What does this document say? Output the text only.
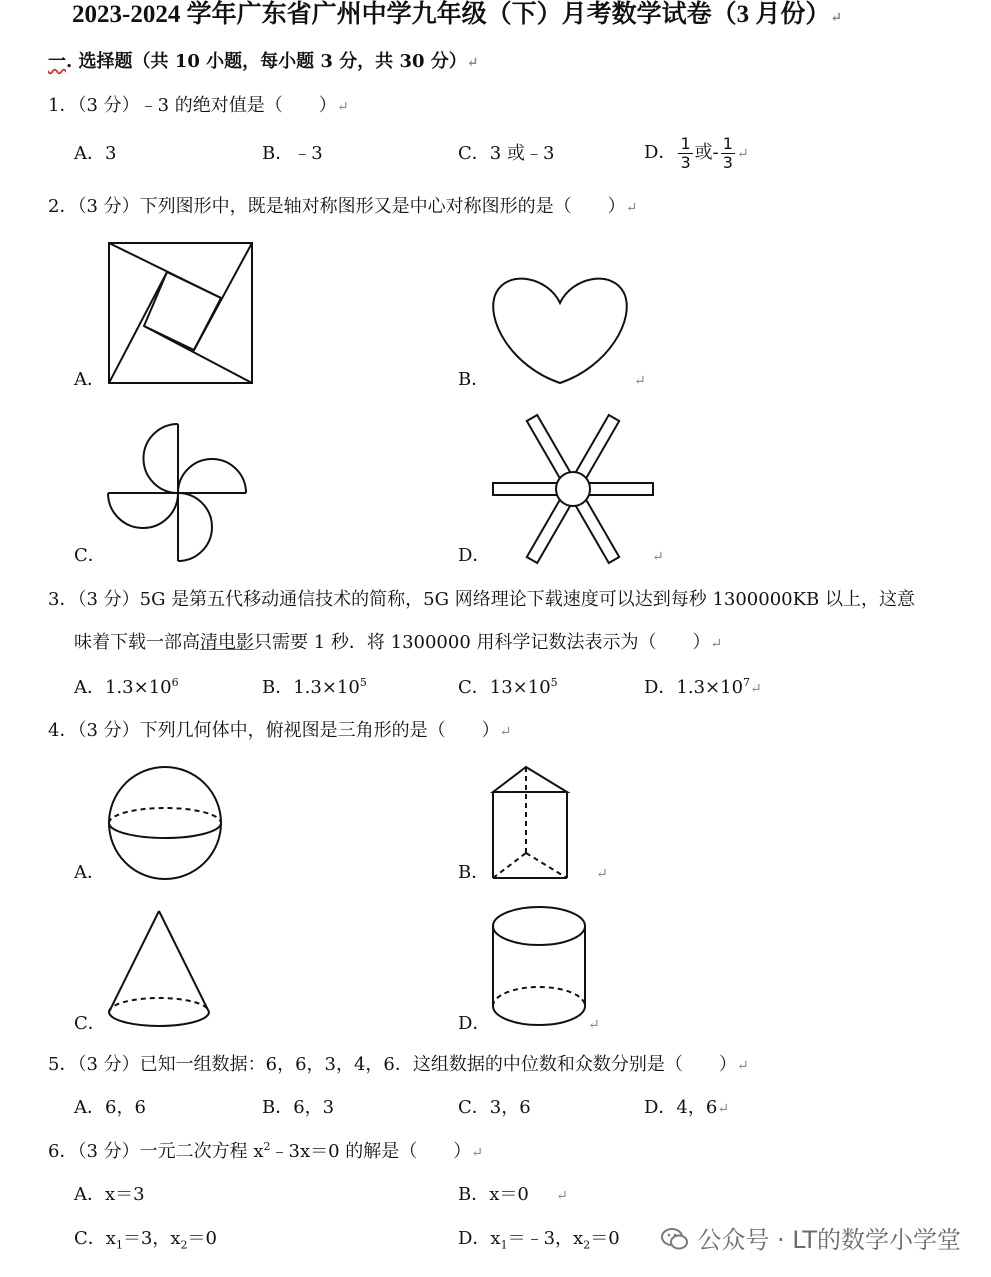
2023-2024 学年广东省广州中学九年级（下）月考数学试卷（3 月份）↵
一. 选择题（共 10 小题，每小题 3 分，共 30 分）↵
1．（3 分）﹣3 的绝对值是（　　）↵
A．3	B．﹣3	C．3 或﹣3	D． $\frac{1}{3}$ 或- $\frac{1}{3}$ ↵
2．（3 分）下列图形中，既是轴对称图形又是中心对称图形的是（　　）↵
A．	B．	↵
C．	D．	↵
3．（3 分）5G 是第五代移动通信技术的简称，5G 网络理论下载速度可以达到每秒 1300000KB 以上，这意
味着下载一部高清电影只需要 1 秒．将 1300000 用科学记数法表示为（　　）↵
A．$1.3\times 10^6$	B．$1.3\times 10^5$	C．$13\times 10^5$	D．$1.3\times 10^7↵$
4．（3 分）下列几何体中，俯视图是三角形的是（　　）↵
A．	B．	↵
C．	D．	↵
5．（3 分）已知一组数据：6，6，3，4，6．这组数据的中位数和众数分别是（　　）↵
A．6，6	B．6，3	C．3，6	D．4，6↵
6．（3 分）一元二次方程 $x^2﹣3x=0$ 的解是（　　）↵
A．x＝3	B．x＝0 ↵
C．$x_1=3$，$x_2=0$	D．$x_1=﹣3$，$x_2=0$	公众号 · LT的数学小学堂
